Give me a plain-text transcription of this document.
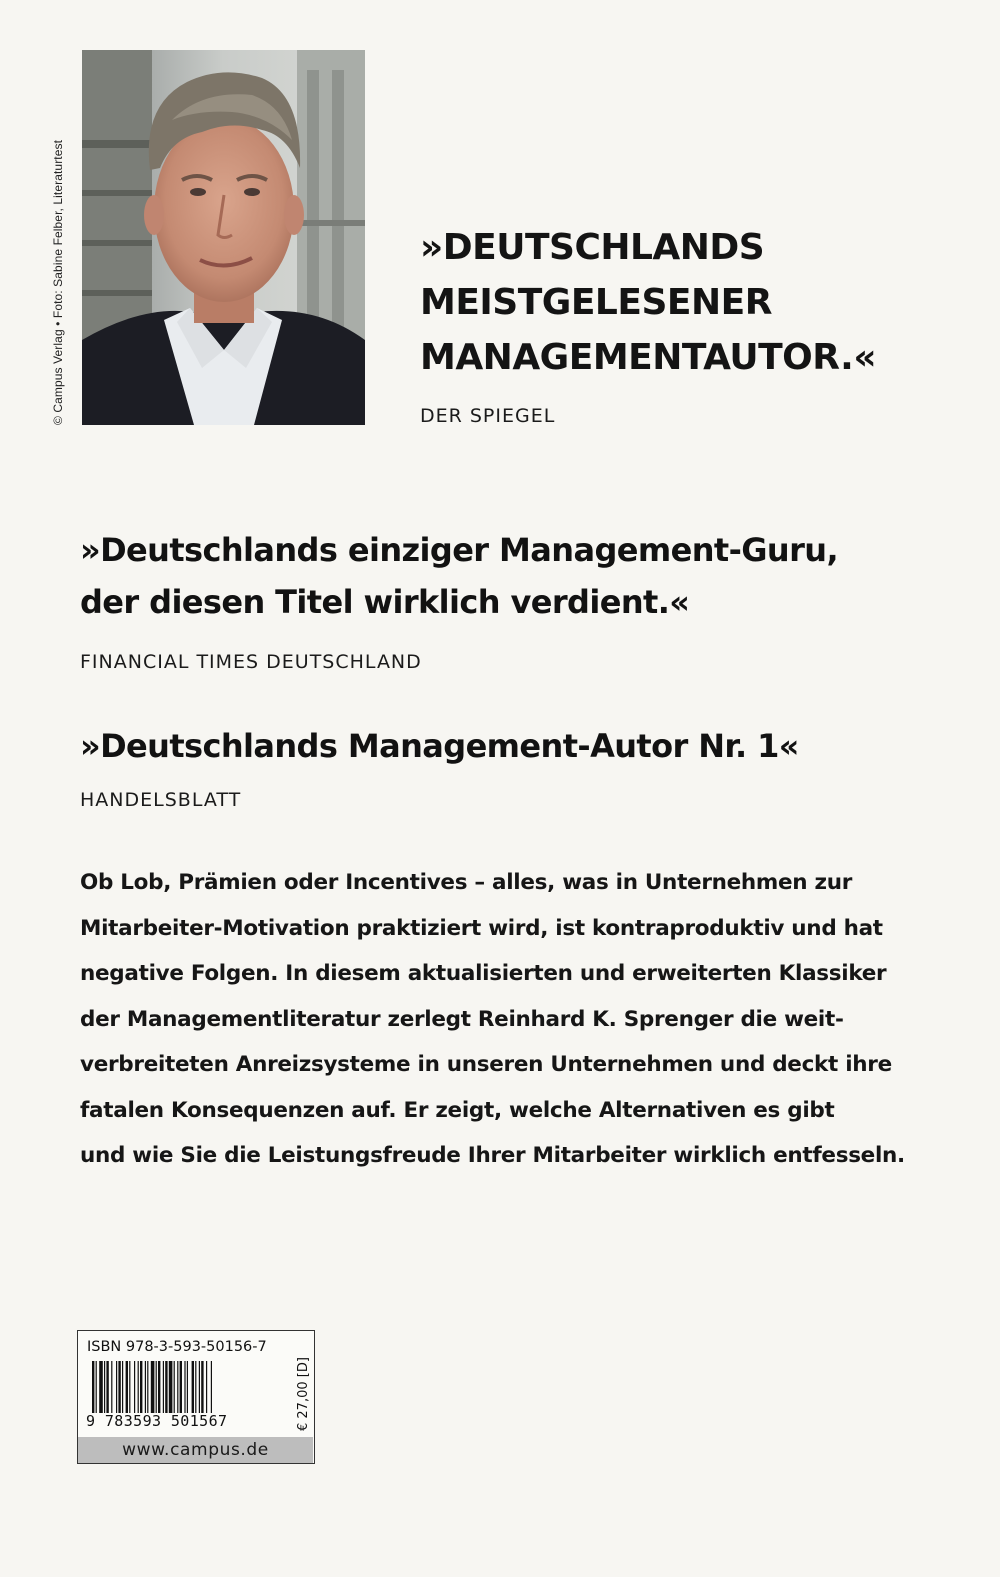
© Campus Verlag • Foto: Sabine Felber, Literaturtest	»DEUTSCHLANDS
MEISTGELESENER
MANAGEMENTAUTOR.«
DER SPIEGEL
»Deutschlands einziger Management-Guru,
der diesen Titel wirklich verdient.«
FINANCIAL TIMES DEUTSCHLAND
»Deutschlands Management-Autor Nr. 1«
HANDELSBLATT
Ob Lob, Prämien oder Incentives – alles, was in Unternehmen zur
Mitarbeiter-Motivation praktiziert wird, ist kontraproduktiv und hat
negative Folgen. In diesem aktualisierten und erweiterten Klassiker
der Managementliteratur zerlegt Reinhard K. Sprenger die weit-
verbreiteten Anreizsysteme in unseren Unternehmen und deckt ihre
fatalen Konsequenzen auf. Er zeigt, welche Alternativen es gibt
und wie Sie die Leistungsfreude Ihrer Mitarbeiter wirklich entfesseln.
ISBN 978-3-593-50156-7
9 783593 501567	€ 27,00 [D]
www.campus.de
